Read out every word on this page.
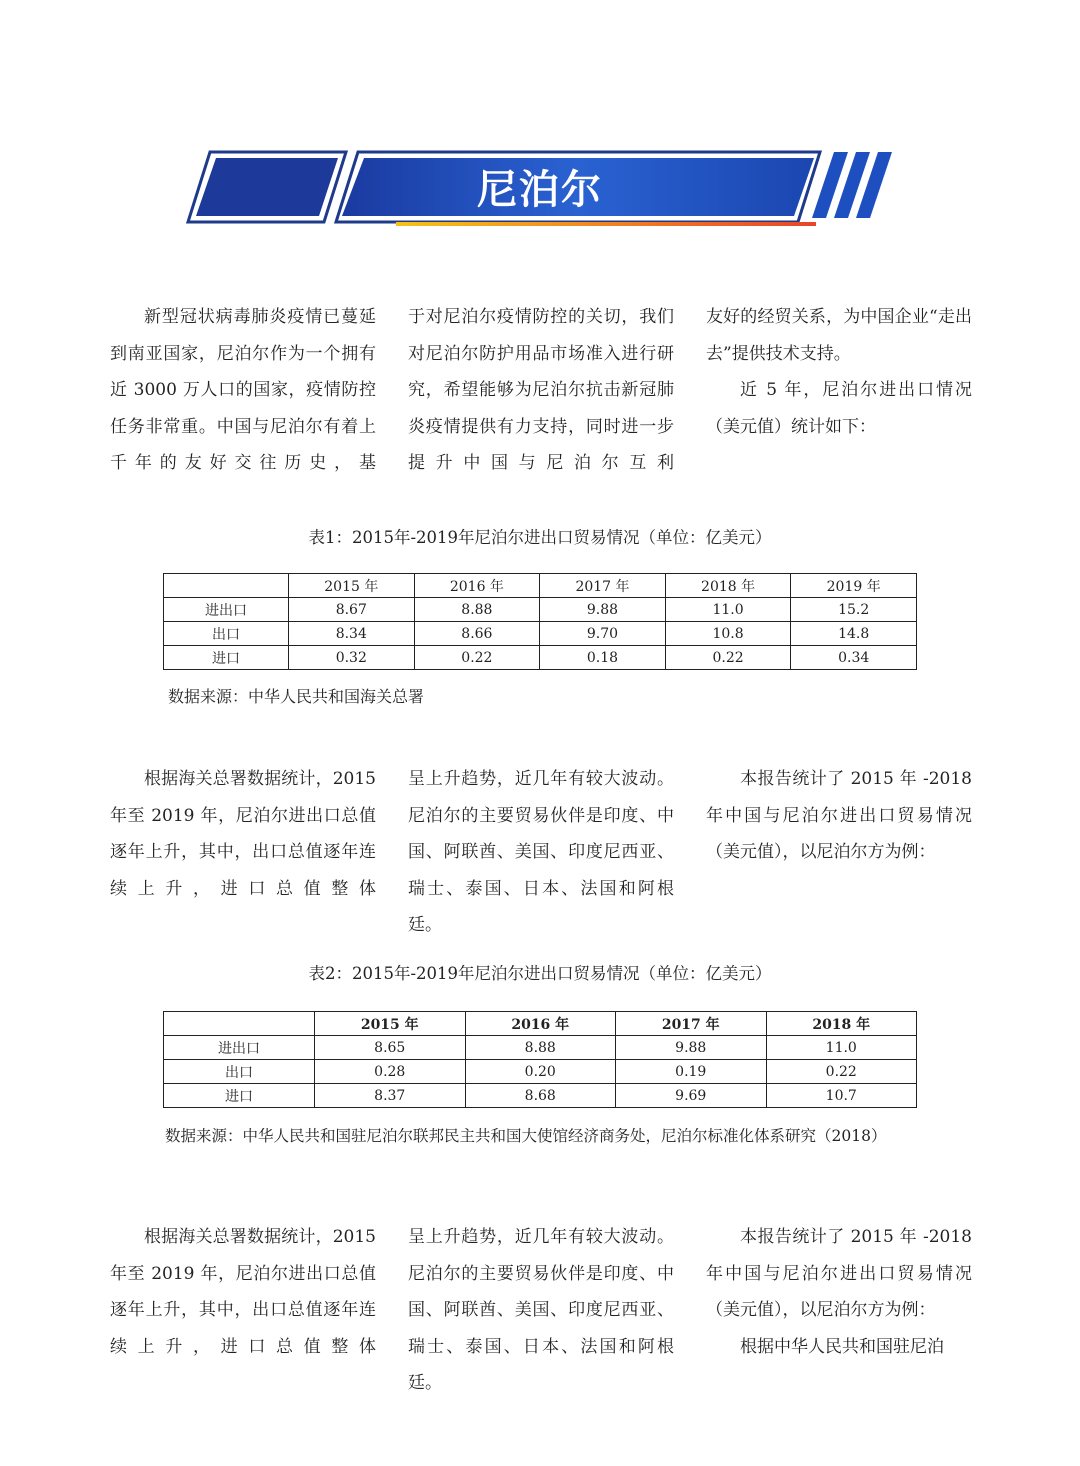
尼泊尔

新型冠状病毒肺炎疫情已蔓延到南亚国家，尼泊尔作为一个拥有近 3000 万人口的国家，疫情防控任务非常重。中国与尼泊尔有着上千年的友好交往历史，基

于对尼泊尔疫情防控的关切，我们对尼泊尔防护用品市场准入进行研究，希望能够为尼泊尔抗击新冠肺炎疫情提供有力支持，同时进一步提升中国与尼泊尔互利

友好的经贸关系，为中国企业“走出去”提供技术支持。

近 5 年，尼泊尔进出口情况（美元值）统计如下：

表1：2015年-2019年尼泊尔进出口贸易情况（单位：亿美元）
	2015 年	2016 年	2017 年	2018 年	2019 年
进出口	8.67	8.88	9.88	11.0	15.2
出口	8.34	8.66	9.70	10.8	14.8
进口	0.32	0.22	0.18	0.22	0.34
数据来源：中华人民共和国海关总署

根据海关总署数据统计，2015 年至 2019 年，尼泊尔进出口总值逐年上升，其中，出口总值逐年连续上升，进口总值整体

呈上升趋势，近几年有较大波动。尼泊尔的主要贸易伙伴是印度、中国、阿联酋、美国、印度尼西亚、瑞士、泰国、日本、法国和阿根廷。

本报告统计了 2015 年 -2018 年中国与尼泊尔进出口贸易情况（美元值），以尼泊尔方为例：

表2：2015年-2019年尼泊尔进出口贸易情况（单位：亿美元）
	2015 年	2016 年	2017 年	2018 年
进出口	8.65	8.88	9.88	11.0
出口	0.28	0.20	0.19	0.22
进口	8.37	8.68	9.69	10.7
数据来源：中华人民共和国驻尼泊尔联邦民主共和国大使馆经济商务处，尼泊尔标准化体系研究（2018）

根据海关总署数据统计，2015 年至 2019 年，尼泊尔进出口总值逐年上升，其中，出口总值逐年连续上升，进口总值整体

呈上升趋势，近几年有较大波动。尼泊尔的主要贸易伙伴是印度、中国、阿联酋、美国、印度尼西亚、瑞士、泰国、日本、法国和阿根廷。

本报告统计了 2015 年 -2018 年中国与尼泊尔进出口贸易情况（美元值），以尼泊尔方为例：

根据中华人民共和国驻尼泊
